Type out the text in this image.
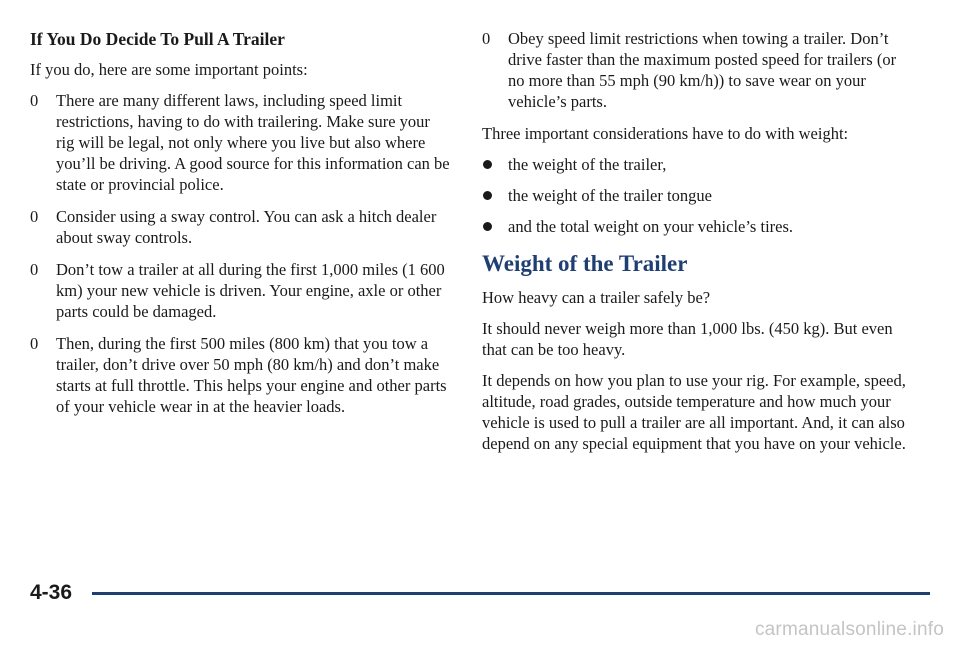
If You Do Decide To Pull A Trailer

If you do, here are some important points:

0	There are many different laws, including speed limit restrictions, having to do with trailering. Make sure your rig will be legal, not only where you live but also where you’ll be driving. A good source for this information can be state or provincial police.
0	Consider using a sway control. You can ask a hitch dealer about sway controls.
0	Don’t tow a trailer at all during the first 1,000 miles (1 600 km) your new vehicle is driven. Your engine, axle or other parts could be damaged.
0	Then, during the first 500 miles (800 km) that you tow a trailer, don’t drive over 50 mph (80 km/h) and don’t make starts at full throttle. This helps your engine and other parts of your vehicle wear in at the heavier loads.
0	Obey speed limit restrictions when towing a trailer. Don’t drive faster than the maximum posted speed for trailers (or no more than 55 mph (90 km/h)) to save wear on your vehicle’s parts.

Three important considerations have to do with weight:

the weight of the trailer,
the weight of the trailer tongue
and the total weight on your vehicle’s tires.
Weight of the Trailer

How heavy can a trailer safely be?

It should never weigh more than 1,000 lbs. (450 kg). But even that can be too heavy.

It depends on how you plan to use your rig. For example, speed, altitude, road grades, outside temperature and how much your vehicle is used to pull a trailer are all important. And, it can also depend on any special equipment that you have on your vehicle.

4-36
carmanualsonline.info
